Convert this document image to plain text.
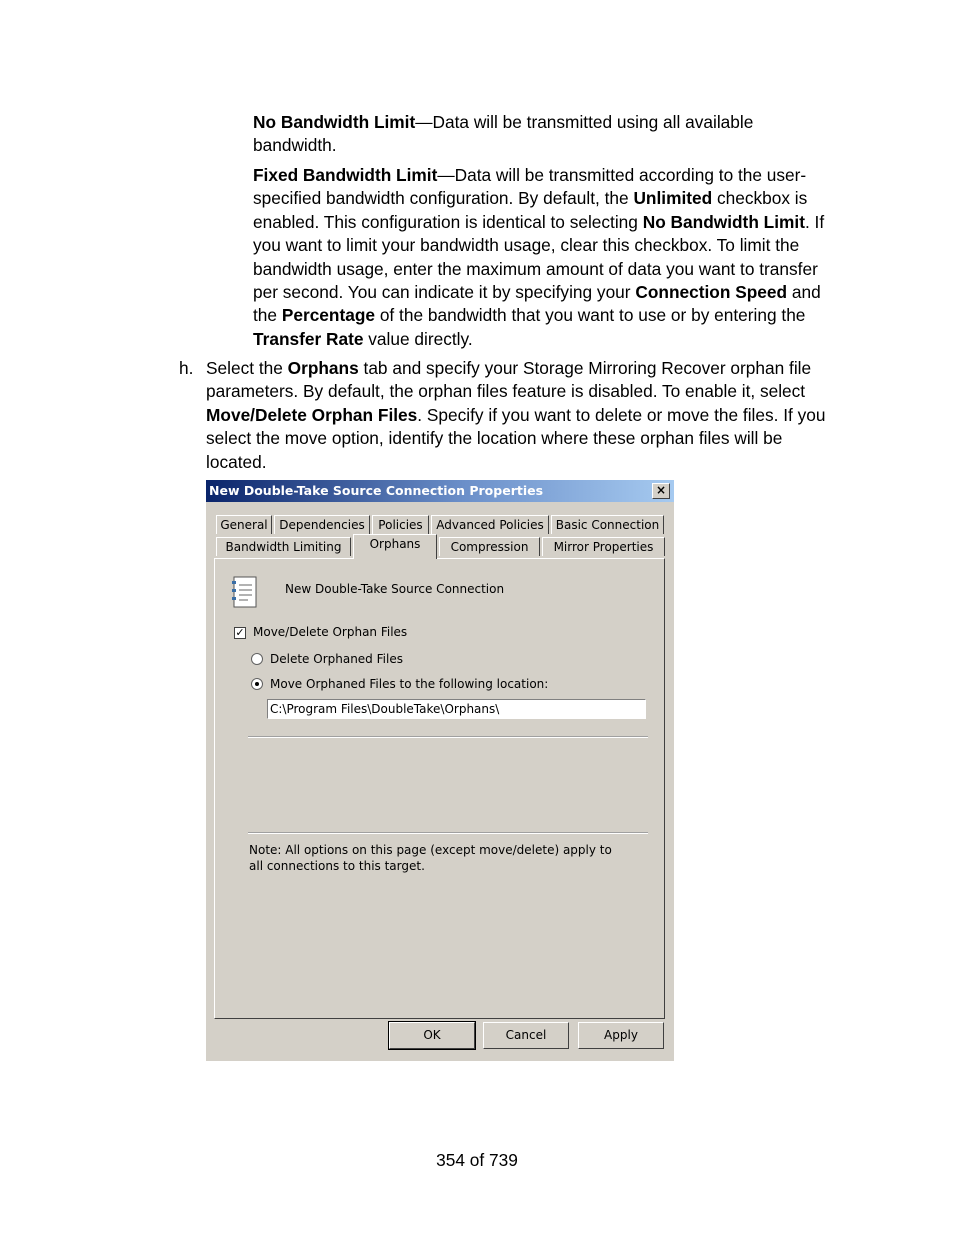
No Bandwidth Limit—Data will be transmitted using all available bandwidth.

Fixed Bandwidth Limit—Data will be transmitted according to the user-specified bandwidth configuration. By default, the Unlimited checkbox is enabled. This configuration is identical to selecting No Bandwidth Limit. If you want to limit your bandwidth usage, clear this checkbox. To limit the bandwidth usage, enter the maximum amount of data you want to transfer per second. You can indicate it by specifying your Connection Speed and the Percentage of the bandwidth that you want to use or by entering the Transfer Rate value directly.

h. Select the Orphans tab and specify your Storage Mirroring Recover orphan file parameters. By default, the orphan files feature is disabled. To enable it, select Move/Delete Orphan Files. Specify if you want to delete or move the files. If you select the move option, identify the location where these orphan files will be located.

New Double-Take Source Connection Properties	×
General Dependencies	Policies	Advanced Policies	Basic Connection
Bandwidth Limiting	Orphans	Compression	Mirror Properties
New Double-Take Source Connection
✓ Move/Delete Orphan Files
Delete Orphaned Files
Move Orphaned Files to the following location:
C:\Program Files\DoubleTake\Orphans\
Note: All options on this page (except move/delete) apply to all connections to this target.
OK	Cancel	Apply
354 of 739
